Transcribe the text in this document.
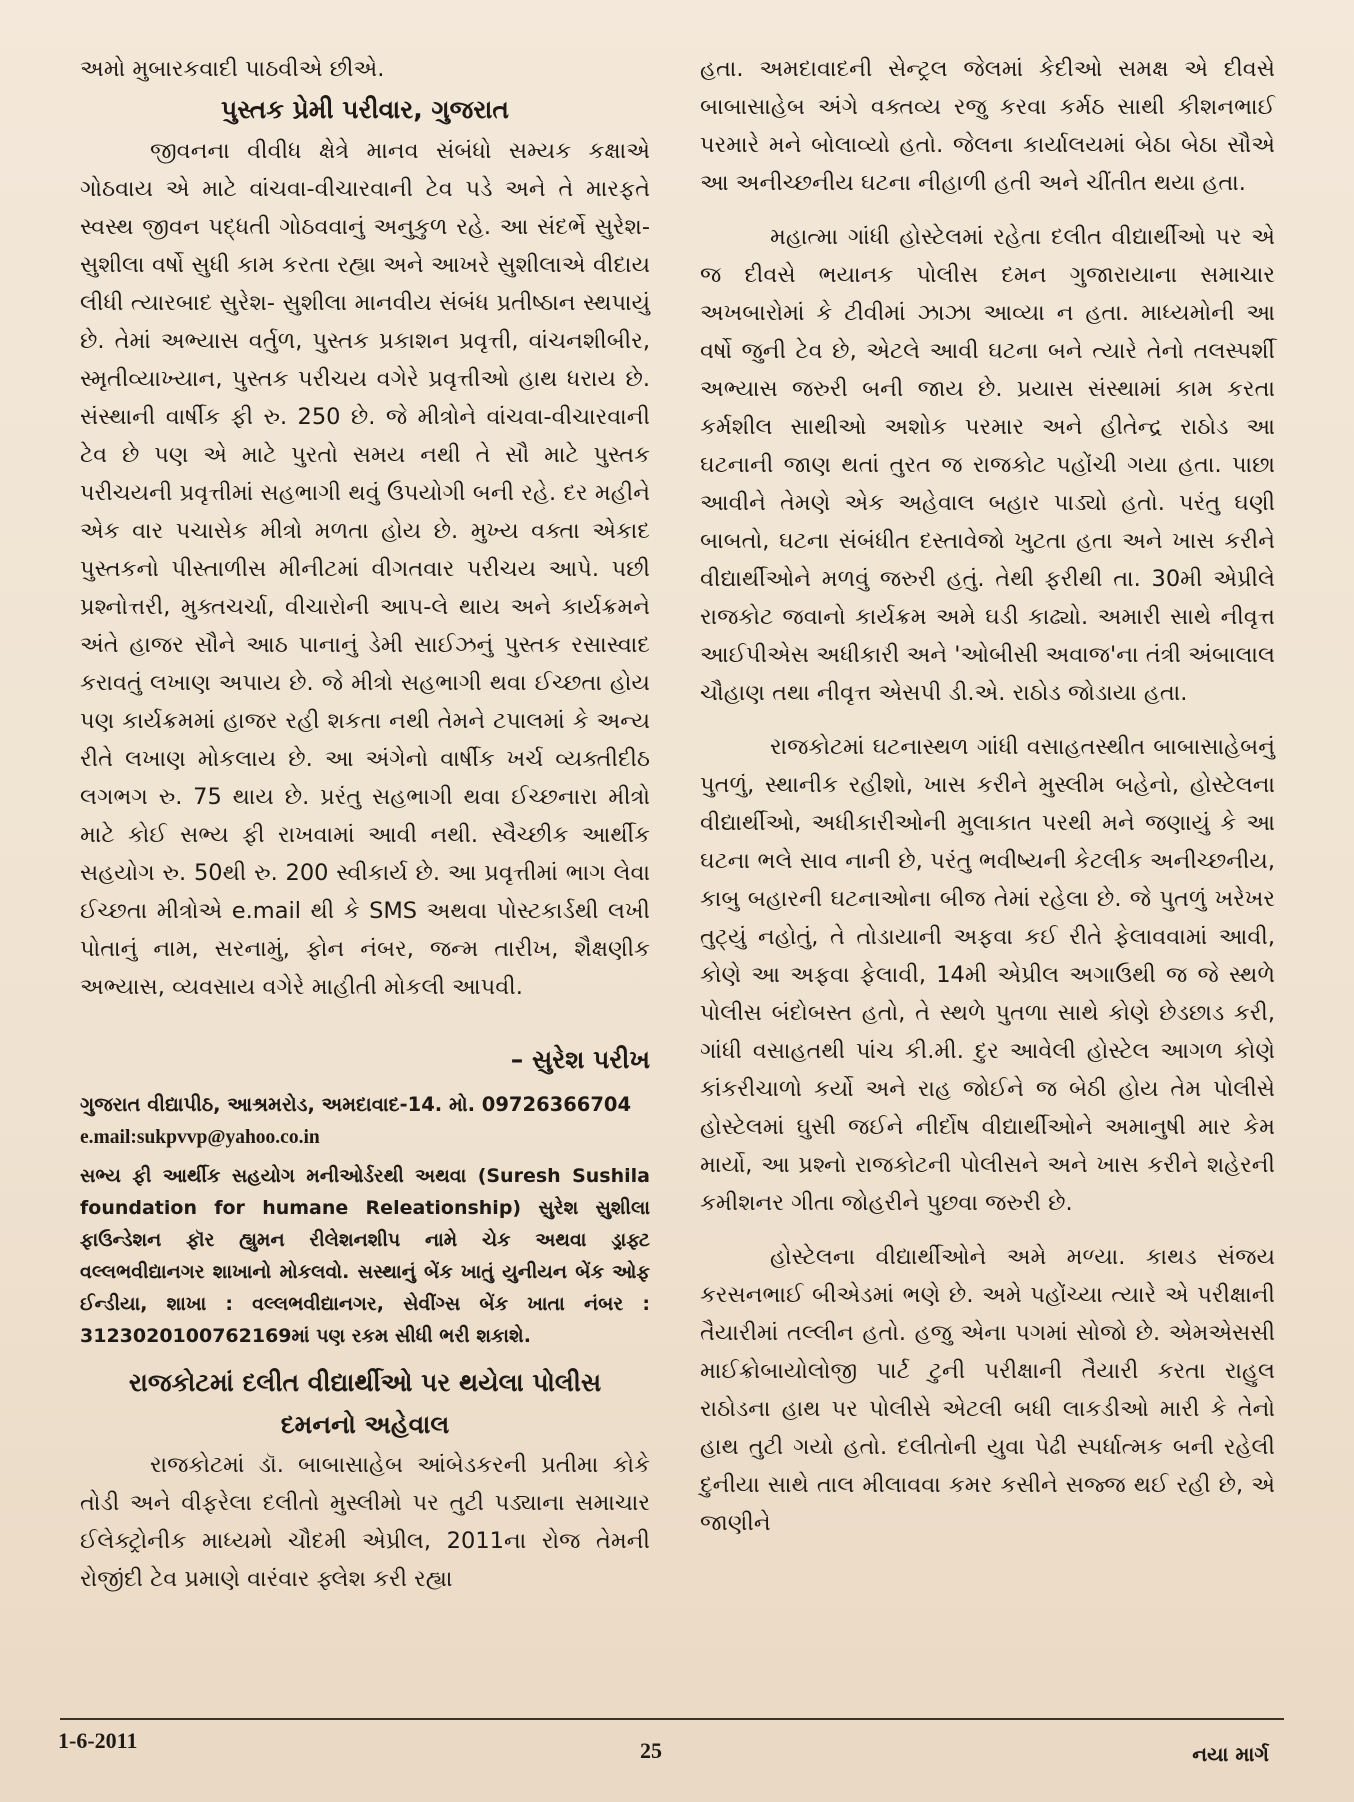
અમો મુબારકવાદી પાઠવીએ છીએ.

પુસ્તક પ્રેમી પરીવાર, ગુજરાત

જીવનના વીવીધ ક્ષેત્રે માનવ સંબંધો સમ્યક કક્ષાએ ગોઠવાય એ માટે વાંચવા-વીચારવાની ટેવ પડે અને તે મારફતે સ્વસ્થ જીવન પદ્ધતી ગોઠવવાનું અનુકુળ રહે. આ સંદર્ભે સુરેશ- સુશીલા વર્ષો સુધી કામ કરતા રહ્યા અને આખરે સુશીલાએ વીદાય લીધી ત્યારબાદ સુરેશ- સુશીલા માનવીય સંબંધ પ્રતીષ્ઠાન સ્થપાયું છે. તેમાં અભ્યાસ વર્તુળ, પુસ્તક પ્રકાશન પ્રવૃત્તી, વાંચનશીબીર, સ્મૃતીવ્યાખ્યાન, પુસ્તક પરીચય વગેરે પ્રવૃત્તીઓ હાથ ધરાય છે. સંસ્થાની વાર્ષીક ફી રુ. 250 છે. જે મીત્રોને વાંચવા-વીચારવાની ટેવ છે પણ એ માટે પુરતો સમય નથી તે સૌ માટે પુસ્તક પરીચયની પ્રવૃત્તીમાં સહભાગી થવું ઉપયોગી બની રહે. દર મહીને એક વાર પચાસેક મીત્રો મળતા હોય છે. મુખ્ય વક્તા એકાદ પુસ્તકનો પીસ્તાળીસ મીનીટમાં વીગતવાર પરીચય આપે. પછી પ્રશ્નોત્તરી, મુક્તચર્ચા, વીચારોની આપ-લે થાય અને કાર્યક્રમને અંતે હાજર સૌને આઠ પાનાનું ડેમી સાઈઝનું પુસ્તક રસાસ્વાદ કરાવતું લખાણ અપાય છે. જે મીત્રો સહભાગી થવા ઈચ્છતા હોય પણ કાર્યક્રમમાં હાજર રહી શકતા નથી તેમને ટપાલમાં કે અન્ય રીતે લખાણ મોકલાય છે. આ અંગેનો વાર્ષીક ખર્ચ વ્યક્તીદીઠ લગભગ રુ. 75 થાય છે. પ્રરંતુ સહભાગી થવા ઈચ્છનારા મીત્રો માટે કોઈ સભ્ય ફી રાખવામાં આવી નથી. સ્વૈચ્છીક આર્થીક સહયોગ રુ. 50થી રુ. 200 સ્વીકાર્ય છે. આ પ્રવૃત્તીમાં ભાગ લેવા ઈચ્છતા મીત્રોએ e.mail થી કે SMS અથવા પોસ્ટકાર્ડથી લખી પોતાનું નામ, સરનામું, ફોન નંબર, જન્મ તારીખ, શૈક્ષણીક અભ્યાસ, વ્યવસાય વગેરે માહીતી મોકલી આપવી.

– સુરેશ પરીખ

ગુજરાત વીદ્યાપીઠ, આશ્રમરોડ, અમદાવાદ-14. મો. 09726366704

e.mail:sukpvvp@yahoo.co.in

સભ્ય ફી આર્થીક સહયોગ મનીઓર્ડરથી અથવા (Suresh Sushila foundation for humane Releationship) સુરેશ સુશીલા ફાઉન્ડેશન ફૉર હ્યુમન રીલેશનશીપ નામે ચેક અથવા ડ્રાફ્ટ વલ્લભવીદ્યાનગર શાખાનો મોકલવો. સસ્થાનું બેંક ખાતું યુનીયન બેંક ઓફ ઈન્ડીયા, શાખા : વલ્લભવીદ્યાનગર, સેવીંગ્સ બેંક ખાતા નંબર : 312302010076216​9માં પણ રકમ સીધી ભરી શકાશે.

રાજકોટમાં દલીત વીદ્યાર્થીઓ પર થયેલા પોલીસ
દમનનો અહેવાલ

રાજકોટમાં ડૉ. બાબાસાહેબ આંબેડકરની પ્રતીમા કોકે તોડી અને વીફરેલા દલીતો મુસ્લીમો પર તુટી પડ્યાના સમાચાર ઈલેક્ટ્રોનીક માધ્યમો ચૌદમી એપ્રીલ, 2011ના રોજ તેમની રોજીંદી ટેવ પ્રમાણે વારંવાર ફ્લેશ કરી રહ્યા

હતા. અમદાવાદની સેન્ટ્રલ જેલમાં કેદીઓ સમક્ષ એ દીવસે બાબાસાહેબ અંગે વક્તવ્ય રજુ કરવા કર્મઠ સાથી કીશનભાઈ પરમારે મને બોલાવ્યો હતો. જેલના કાર્યાલયમાં બેઠા બેઠા સૌએ આ અનીચ્છનીય ઘટના નીહાળી હતી અને ચીંતીત થયા હતા.

મહાત્મા ગાંધી હોસ્ટેલમાં રહેતા દલીત વીદ્યાર્થીઓ પર એ જ દીવસે ભયાનક પોલીસ દમન ગુજારાયાના સમાચાર અખબારોમાં કે ટીવીમાં ઝાઝા આવ્યા ન હતા. માધ્યમોની આ વર્ષો જુની ટેવ છે, એટલે આવી ઘટના બને ત્યારે તેનો તલસ્પર્શી અભ્યાસ જરુરી બની જાય છે. પ્રયાસ સંસ્થામાં કામ કરતા કર્મશીલ સાથીઓ અશોક પરમાર અને હીતેન્દ્ર રાઠોડ આ ઘટનાની જાણ થતાં તુરત જ રાજકોટ પહોંચી ગયા હતા. પાછા આવીને તેમણે એક અહેવાલ બહાર પાડ્યો હતો. પરંતુ ઘણી બાબતો, ઘટના સંબંધીત દસ્તાવેજો ખુટતા હતા અને ખાસ કરીને વીદ્યાર્થીઓને મળવું જરુરી હતું. તેથી ફરીથી તા. 30મી એપ્રીલે રાજકોટ જવાનો કાર્યક્રમ અમે ઘડી કાઢ્યો. અમારી સાથે નીવૃત્ત આઈપીએસ અધીકારી અને 'ઓબીસી અવાજ'ના તંત્રી અંબાલાલ ચૌહાણ તથા નીવૃત્ત એસપી ડી.એ. રાઠોડ જોડાયા હતા.

રાજકોટમાં ઘટનાસ્થળ ગાંધી વસાહતસ્થીત બાબાસાહેબનું પુતળું, સ્થાનીક રહીશો, ખાસ કરીને મુસ્લીમ બહેનો, હોસ્ટેલના વીદ્યાર્થીઓ, અધીકારીઓની મુલાકાત પરથી મને જણાયું કે આ ઘટના ભલે સાવ નાની છે, પરંતુ ભવીષ્યની કેટલીક અનીચ્છનીય, કાબુ બહારની ઘટનાઓના બીજ તેમાં રહેલા છે. જે પુતળું ખરેખર તુટ્યું નહોતું, તે તોડાયાની અફવા કઈ રીતે ફેલાવવામાં આવી, કોણે આ અફવા ફેલાવી, 14મી એપ્રીલ અગાઉથી જ જે સ્થળે પોલીસ બંદોબસ્ત હતો, તે સ્થળે પુતળા સાથે કોણે છેડછાડ કરી, ગાંધી વસાહતથી પાંચ કી.મી. દુર આવેલી હોસ્ટેલ આગળ કોણે કાંકરીચાળો કર્યો અને રાહ જોઈને જ બેઠી હોય તેમ પોલીસે હોસ્ટેલમાં ઘુસી જઈને નીર્દોષ વીદ્યાર્થીઓને અમાનુષી માર કેમ માર્યો, આ પ્રશ્નો રાજકોટની પોલીસને અને ખાસ કરીને શહેરની કમીશનર ગીતા જોહરીને પુછવા જરુરી છે.

હોસ્ટેલના વીદ્યાર્થીઓને અમે મળ્યા. કાથડ સંજય કરસનભાઈ બીએડમાં ભણે છે. અમે પહોંચ્યા ત્યારે એ પરીક્ષાની તૈયારીમાં તલ્લીન હતો. હજુ એના પગમાં સોજો છે. એમએસસી માઈક્રોબાયોલોજી પાર્ટ ટુની પરીક્ષાની તૈયારી કરતા રાહુલ રાઠોડના હાથ પર પોલીસે એટલી બધી લાકડીઓ મારી કે તેનો હાથ તુટી ગયો હતો. દલીતોની યુવા પેઢી સ્પર્ધાત્મક બની રહેલી દુનીયા સાથે તાલ મીલાવવા કમર કસીને સજ્જ થઈ રહી છે, એ જાણીને

1-6-2011	25	નયા માર્ગ
